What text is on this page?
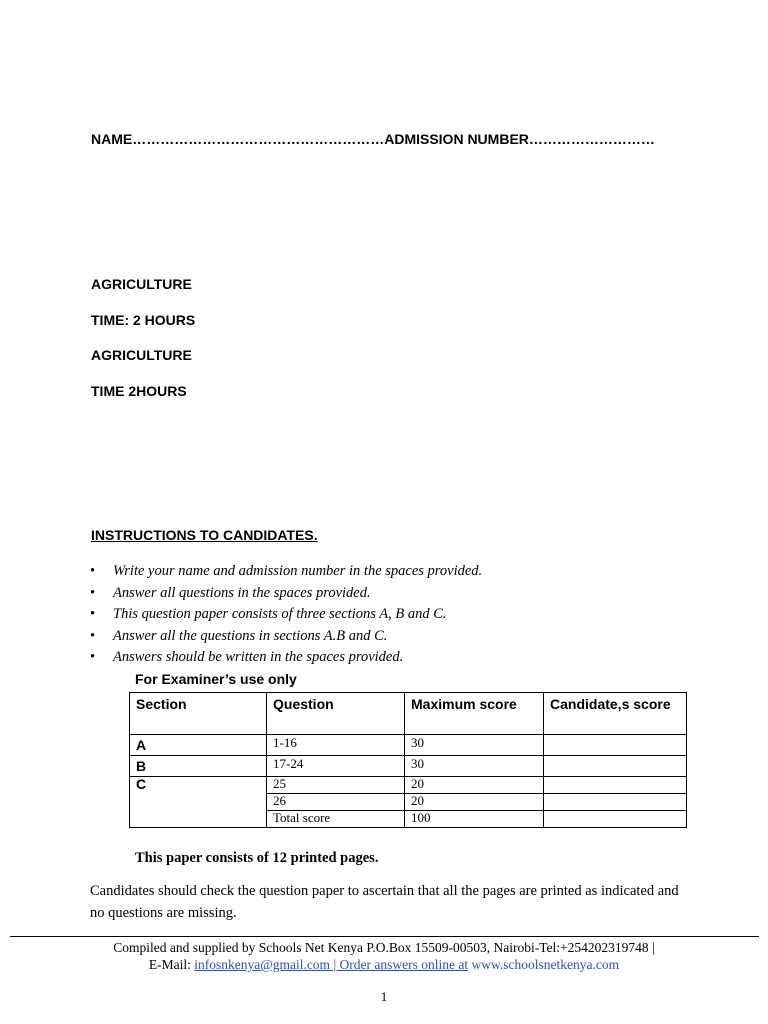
NAME………………………………………………ADMISSION NUMBER………………………
AGRICULTURE
TIME: 2 HOURS
AGRICULTURE
TIME 2HOURS
INSTRUCTIONS TO CANDIDATES.
• Write your name and admission number in the spaces provided.
• Answer all questions in the spaces provided.
• This question paper consists of three sections A, B and C.
• Answer all the questions in sections A.B and C.
• Answers should be written in the spaces provided.
For Examiner’s use only
Section	Question	Maximum score	Candidate,s score
A	1-16	30	
B	17-24	30	
C	25	20	
	26	20	
	Total score	100	
This paper consists of 12 printed pages.
Candidates should check the question paper to ascertain that all the pages are printed as indicated and no questions are missing.
Compiled and supplied by Schools Net Kenya P.O.Box 15509-00503, Nairobi-Tel:+254202319748 |
E-Mail: infosnkenya@gmail.com | Order answers online at www.schoolsnetkenya.com
1
